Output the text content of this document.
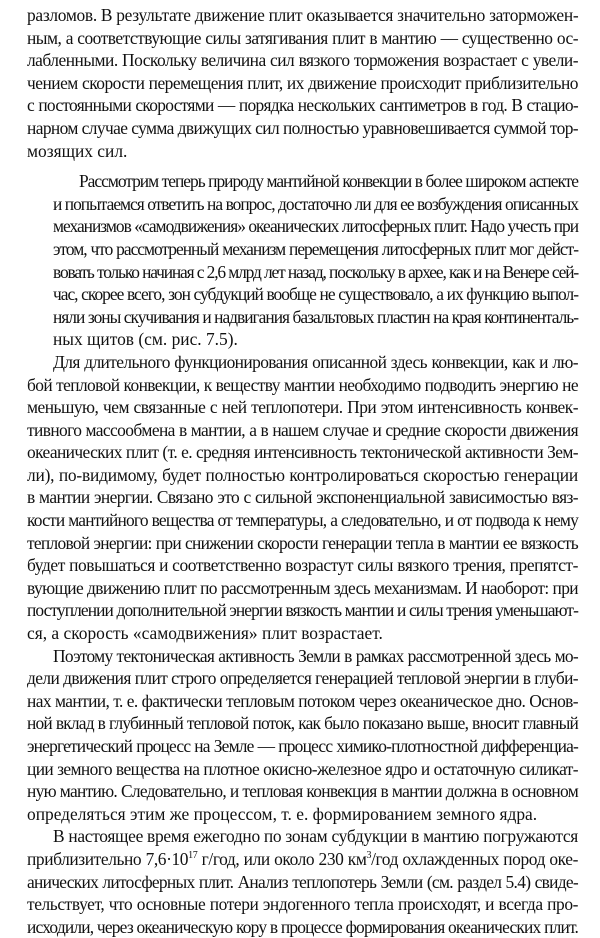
разломов. В результате движение плит оказывается значительно заторможен-
ным, а соответствующие силы затягивания плит в мантию — существенно ос-
лабленными. Поскольку величина сил вязкого торможения возрастает с увели-
чением скорости перемещения плит, их движение происходит приблизительно
с постоянными скоростями — порядка нескольких сантиметров в год. В стацио-
нарном случае сумма движущих сил полностью уравновешивается суммой тор-
мозящих сил.

Рассмотрим теперь природу мантийной конвекции в более широком аспекте
и попытаемся ответить на вопрос, достаточно ли для ее возбуждения описанных
механизмов «самодвижения» океанических литосферных плит. Надо учесть при
этом, что рассмотренный механизм перемещения литосферных плит мог дейст-
вовать только начиная с 2,6 млрд лет назад, поскольку в архее, как и на Венере сей-
час, скорее всего, зон субдукций вообще не существовало, а их функцию выпол-
няли зоны скучивания и надвигания базальтовых пластин на края континенталь-
ных щитов (см. рис. 7.5).

Для длительного функционирования описанной здесь конвекции, как и лю-
бой тепловой конвекции, к веществу мантии необходимо подводить энергию не
меньшую, чем связанные с ней теплопотери. При этом интенсивность конвек-
тивного массообмена в мантии, а в нашем случае и средние скорости движения
океанических плит (т. е. средняя интенсивность тектонической активности Зем-
ли), по-видимому, будет полностью контролироваться скоростью генерации
в мантии энергии. Связано это с сильной экспоненциальной зависимостью вяз-
кости мантийного вещества от температуры, а следовательно, и от подвода к нему
тепловой энергии: при снижении скорости генерации тепла в мантии ее вязкость
будет повышаться и соответственно возрастут силы вязкого трения, препятст-
вующие движению плит по рассмотренным здесь механизмам. И наоборот: при
поступлении дополнительной энергии вязкость мантии и силы трения уменьшают-
ся, а скорость «самодвижения» плит возрастает.

Поэтому тектоническая активность Земли в рамках рассмотренной здесь мо-
дели движения плит строго определяется генерацией тепловой энергии в глуби-
нах мантии, т. е. фактически тепловым потоком через океаническое дно. Основ-
ной вклад в глубинный тепловой поток, как было показано выше, вносит главный
энергетический процесс на Земле — процесс химико-плотностной дифференциа-
ции земного вещества на плотное окисно-железное ядро и остаточную силикат-
ную мантию. Следовательно, и тепловая конвекция в мантии должна в основном
определяться этим же процессом, т. е. формированием земного ядра.

В настоящее время ежегодно по зонам субдукции в мантию погружаются
приблизительно $7,6\cdot 10^{17}$ г/год, или около 230 $км^3$/год охлажденных пород оке-
анических литосферных плит. Анализ теплопотерь Земли (см. раздел 5.4) свиде-
тельствует, что основные потери эндогенного тепла происходят, и всегда про-
исходили, через океаническую кору в процессе формирования океанических плит.
